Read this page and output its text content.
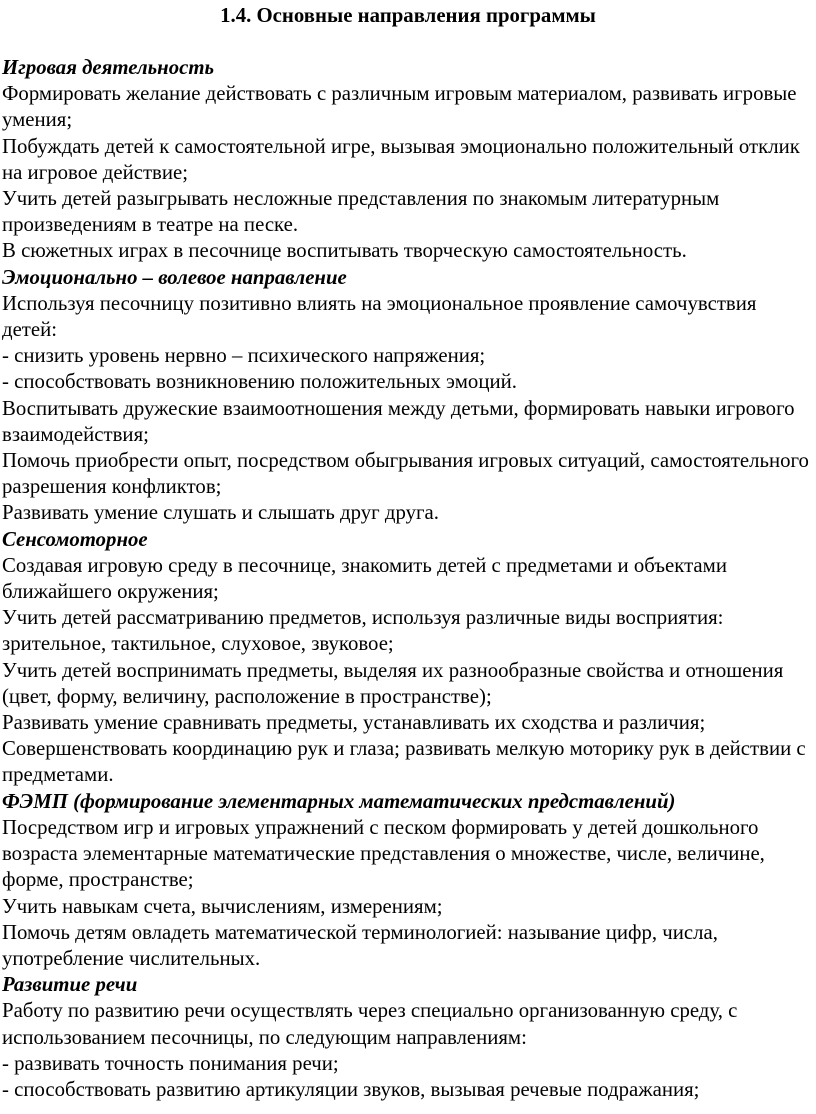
1.4. Основные направления программы

Игровая деятельность

Формировать желание действовать с различным игровым материалом, развивать игровые умения;

Побуждать детей к самостоятельной игре, вызывая эмоционально положительный отклик на игровое действие;

Учить детей разыгрывать несложные представления по знакомым литературным произведениям в театре на песке.

В сюжетных играх в песочнице воспитывать творческую самостоятельность.

Эмоционально – волевое направление

Используя песочницу позитивно влиять на эмоциональное проявление самочувствия детей:

- снизить уровень нервно – психического напряжения;

- способствовать возникновению положительных эмоций.

Воспитывать дружеские взаимоотношения между детьми, формировать навыки игрового взаимодействия;

Помочь приобрести опыт, посредством обыгрывания игровых ситуаций, самостоятельного разрешения конфликтов;

Развивать умение слушать и слышать друг друга.

Сенсомоторное

Создавая игровую среду в песочнице, знакомить детей с предметами и объектами ближайшего окружения;

Учить детей рассматриванию предметов, используя различные виды восприятия: зрительное, тактильное, слуховое, звуковое;

Учить детей воспринимать предметы, выделяя их разнообразные свойства и отношения (цвет, форму, величину, расположение в пространстве);

Развивать умение сравнивать предметы, устанавливать их сходства и различия;

Совершенствовать координацию рук и глаза; развивать мелкую моторику рук в действии с предметами.

ФЭМП (формирование элементарных математических представлений)

Посредством игр и игровых упражнений с песком формировать у детей дошкольного возраста элементарные математические представления о множестве, числе, величине, форме, пространстве;

Учить навыкам счета, вычислениям, измерениям;

Помочь детям овладеть математической терминологией: называние цифр, числа, употребление числительных.

Развитие речи

Работу по развитию речи осуществлять через специально организованную среду, с использованием песочницы, по следующим направлениям:

- развивать точность понимания речи;

- способствовать развитию артикуляции звуков, вызывая речевые подражания;
